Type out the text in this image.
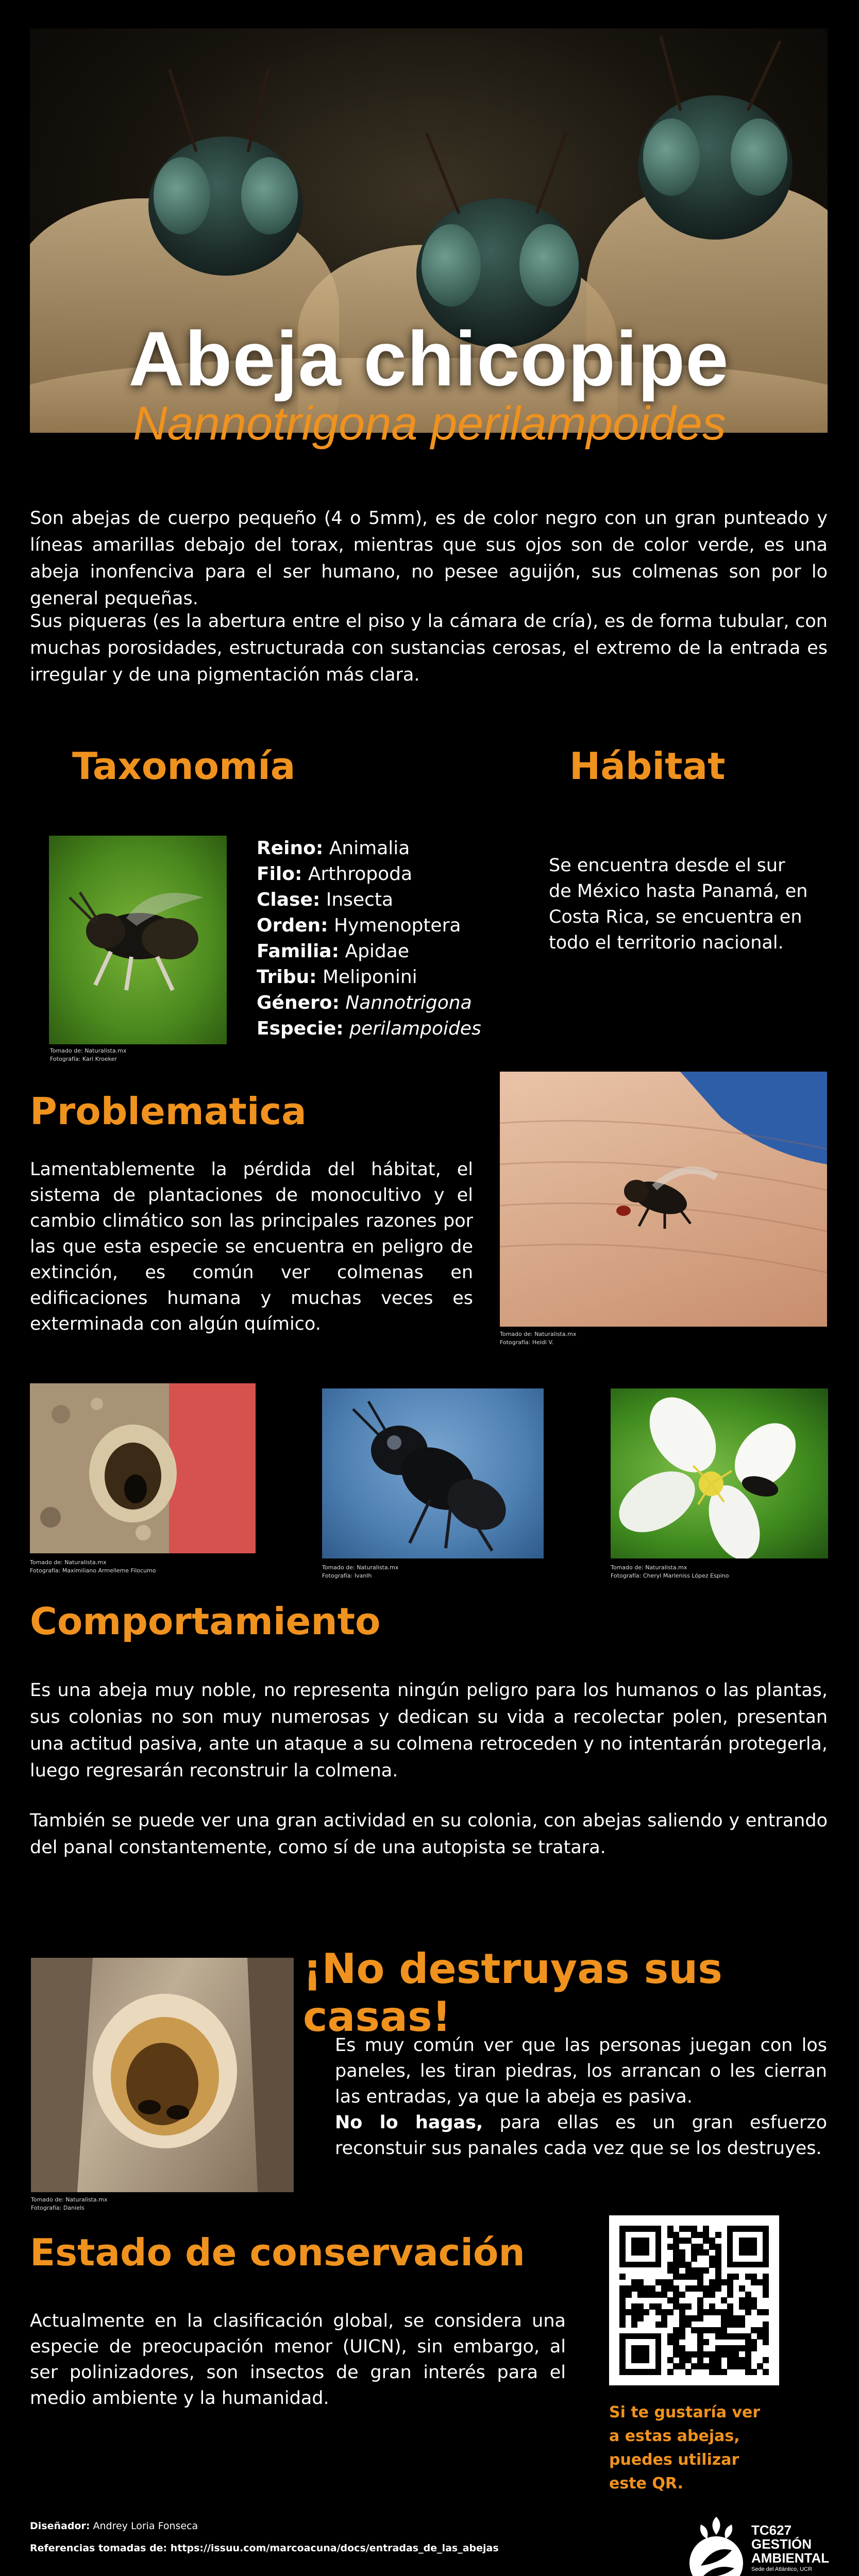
Abeja chicopipe
Nannotrigona perilampoides

Son abejas de cuerpo pequeño (4 o 5mm), es de color negro con un gran punteado y líneas amarillas debajo del torax, mientras que sus ojos son de color verde, es una abeja inonfenciva para el ser humano, no pesee aguijón, sus colmenas son por lo general pequeñas.

Sus piqueras (es la abertura entre el piso y la cámara de cría), es de forma tubular, con muchas porosidades, estructurada con sustancias cerosas, el extremo de la entrada es irregular y de una pigmentación más clara.

Taxonomía
Tomado de: Naturalista.mx
Fotografía: Karl Kroeker
Reino: Animalia
Filo: Arthropoda
Clase: Insecta
Orden: Hymenoptera
Familia: Apidae
Tribu: Meliponini
Género: Nannotrigona
Especie: perilampoides
Hábitat

Se encuentra desde el sur de México hasta Panamá, en Costa Rica, se encuentra en todo el territorio nacional.

Problematica

Lamentablemente la pérdida del hábitat, el sistema de plantaciones de monocultivo y el cambio climático son las principales razones por las que esta especie se encuentra en peligro de extinción, es común ver colmenas en edificaciones humana y muchas veces es exterminada con algún químico.	Tomado de: Naturalista.mx
Fotografía: Heidi V.
Tomado de: Naturalista.mx
Fotografía: Maximiliano Armelleme Filocumo	Tomado de: Naturalista.mx
Fotografía: Ivanlh
Tomado de: Naturalista.mx
Fotografía: Cheryl Marleniss López Espino
Comportamiento

Es una abeja muy noble, no representa ningún peligro para los humanos o las plantas, sus colonias no son muy numerosas y dedican su vida a recolectar polen, presentan una actitud pasiva, ante un ataque a su colmena retroceden y no intentarán protegerla, luego regresarán reconstruir la colmena.

También se puede ver una gran actividad en su colonia, con abejas saliendo y entrando del panal constantemente, como sí de una autopista se tratara.

Tomado de: Naturalista.mx
Fotografía: Daniels
¡No destruyas sus casas!

Es muy común ver que las personas juegan con los paneles, les tiran piedras, los arrancan o les cierran las entradas, ya que la abeja es pasiva.

No lo hagas, para ellas es un gran esfuerzo reconstuir sus panales cada vez que se los destruyes.

Estado de conservación

Actualmente en la clasificación global, se considera una especie de preocupación menor (UICN), sin embargo, al ser polinizadores, son insectos de gran interés para el medio ambiente y la humanidad.

Si te gustaría ver a estas abejas, puedes utilizar este QR.

Diseñador: Andrey Loria Fonseca
Referencias tomadas de: https://issuu.com/marcoacuna/docs/entradas_de_las_abejas
TC627
GESTIÓN
AMBIENTAL
Sede del Atlántico, UCR
